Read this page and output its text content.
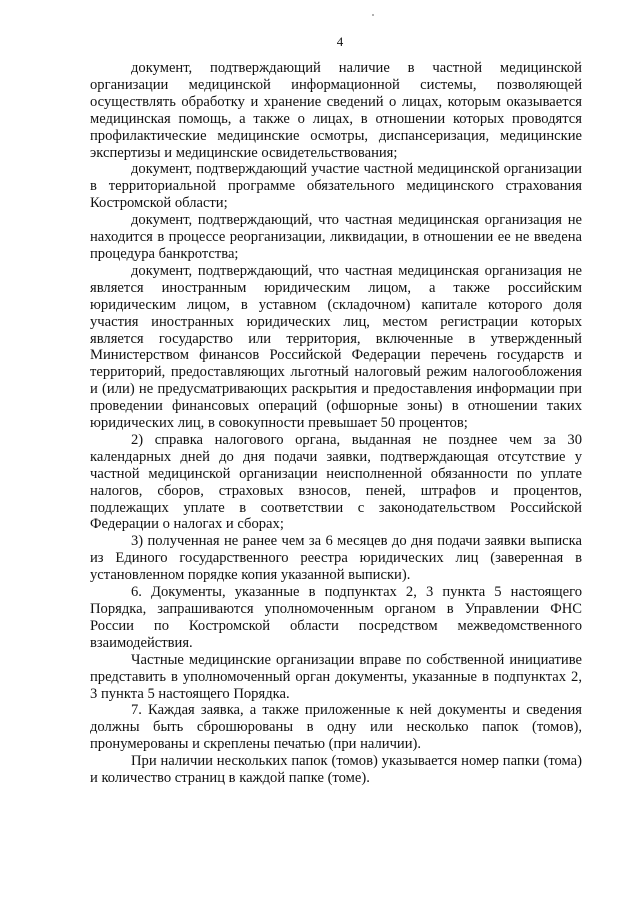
4

документ, подтверждающий наличие в частной медицинской организации медицинской информационной системы, позволяющей осуществлять обработку и хранение сведений о лицах, которым оказывается медицинская помощь, а также о лицах, в отношении которых проводятся профилактические медицинские осмотры, диспансеризация, медицинские экспертизы и медицинские освидетельствования;

документ, подтверждающий участие частной медицинской организации в территориальной программе обязательного медицинского страхования Костромской области;

документ, подтверждающий, что частная медицинская организация не находится в процессе реорганизации, ликвидации, в отношении ее не введена процедура банкротства;

документ, подтверждающий, что частная медицинская организация не является иностранным юридическим лицом, а также российским юридическим лицом, в уставном (складочном) капитале которого доля участия иностранных юридических лиц, местом регистрации которых является государство или территория, включенные в утвержденный Министерством финансов Российской Федерации перечень государств и территорий, предоставляющих льготный налоговый режим налогообложения и (или) не предусматривающих раскрытия и предоставления информации при проведении финансовых операций (офшорные зоны) в отношении таких юридических лиц, в совокупности превышает 50 процентов;

2) справка налогового органа, выданная не позднее чем за 30 календарных дней до дня подачи заявки, подтверждающая отсутствие у частной медицинской организации неисполненной обязанности по уплате налогов, сборов, страховых взносов, пеней, штрафов и процентов, подлежащих уплате в соответствии с законодательством Российской Федерации о налогах и сборах;

3) полученная не ранее чем за 6 месяцев до дня подачи заявки выписка из Единого государственного реестра юридических лиц (заверенная в установленном порядке копия указанной выписки).

6. Документы, указанные в подпунктах 2, 3 пункта 5 настоящего Порядка, запрашиваются уполномоченным органом в Управлении ФНС России по Костромской области посредством межведомственного взаимодействия.

Частные медицинские организации вправе по собственной инициативе представить в уполномоченный орган документы, указанные в подпунктах 2, 3 пункта 5 настоящего Порядка.

7. Каждая заявка, а также приложенные к ней документы и сведения должны быть сброшюрованы в одну или несколько папок (томов), пронумерованы и скреплены печатью (при наличии).

При наличии нескольких папок (томов) указывается номер папки (тома) и количество страниц в каждой папке (томе).
